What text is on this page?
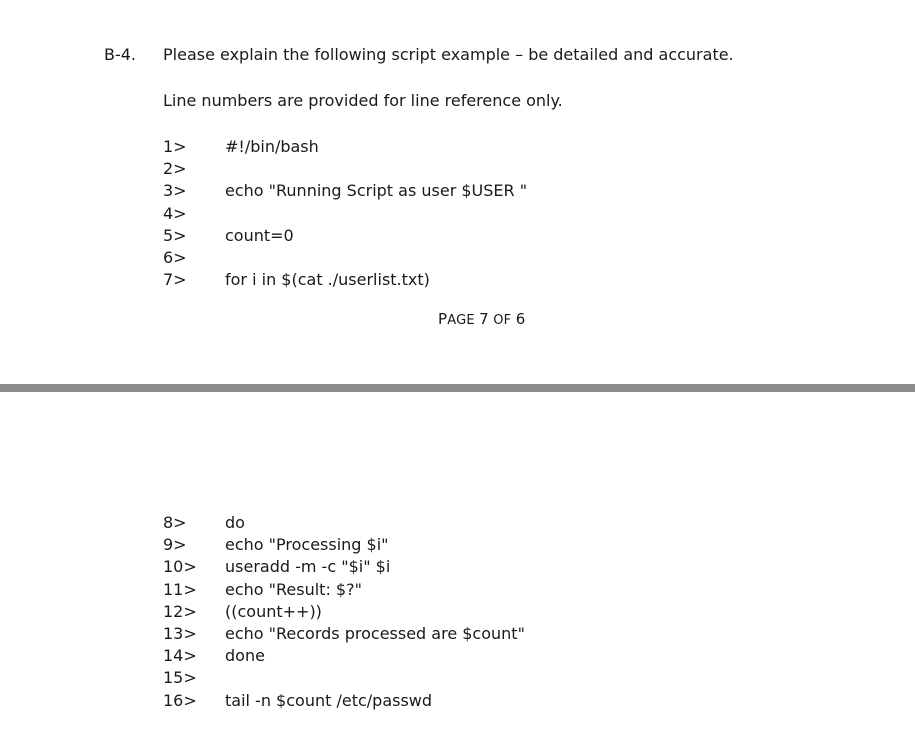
B-4. Please explain the following script example – be detailed and accurate.
Line numbers are provided for line reference only.
1>	#!/bin/bash
2>
3>	echo "Running Script as user $USER "
4>
5>	count=0
6>
7>	for i in $(cat ./userlist.txt)
PAGE 7 OF 6
8>	do
9>	echo "Processing $i"
10>	useradd -m -c "$i" $i
11>	echo "Result: $?"
12>	((count++))
13>	echo "Records processed are $count"
14>	done
15>
16>	tail -n $count /etc/passwd
